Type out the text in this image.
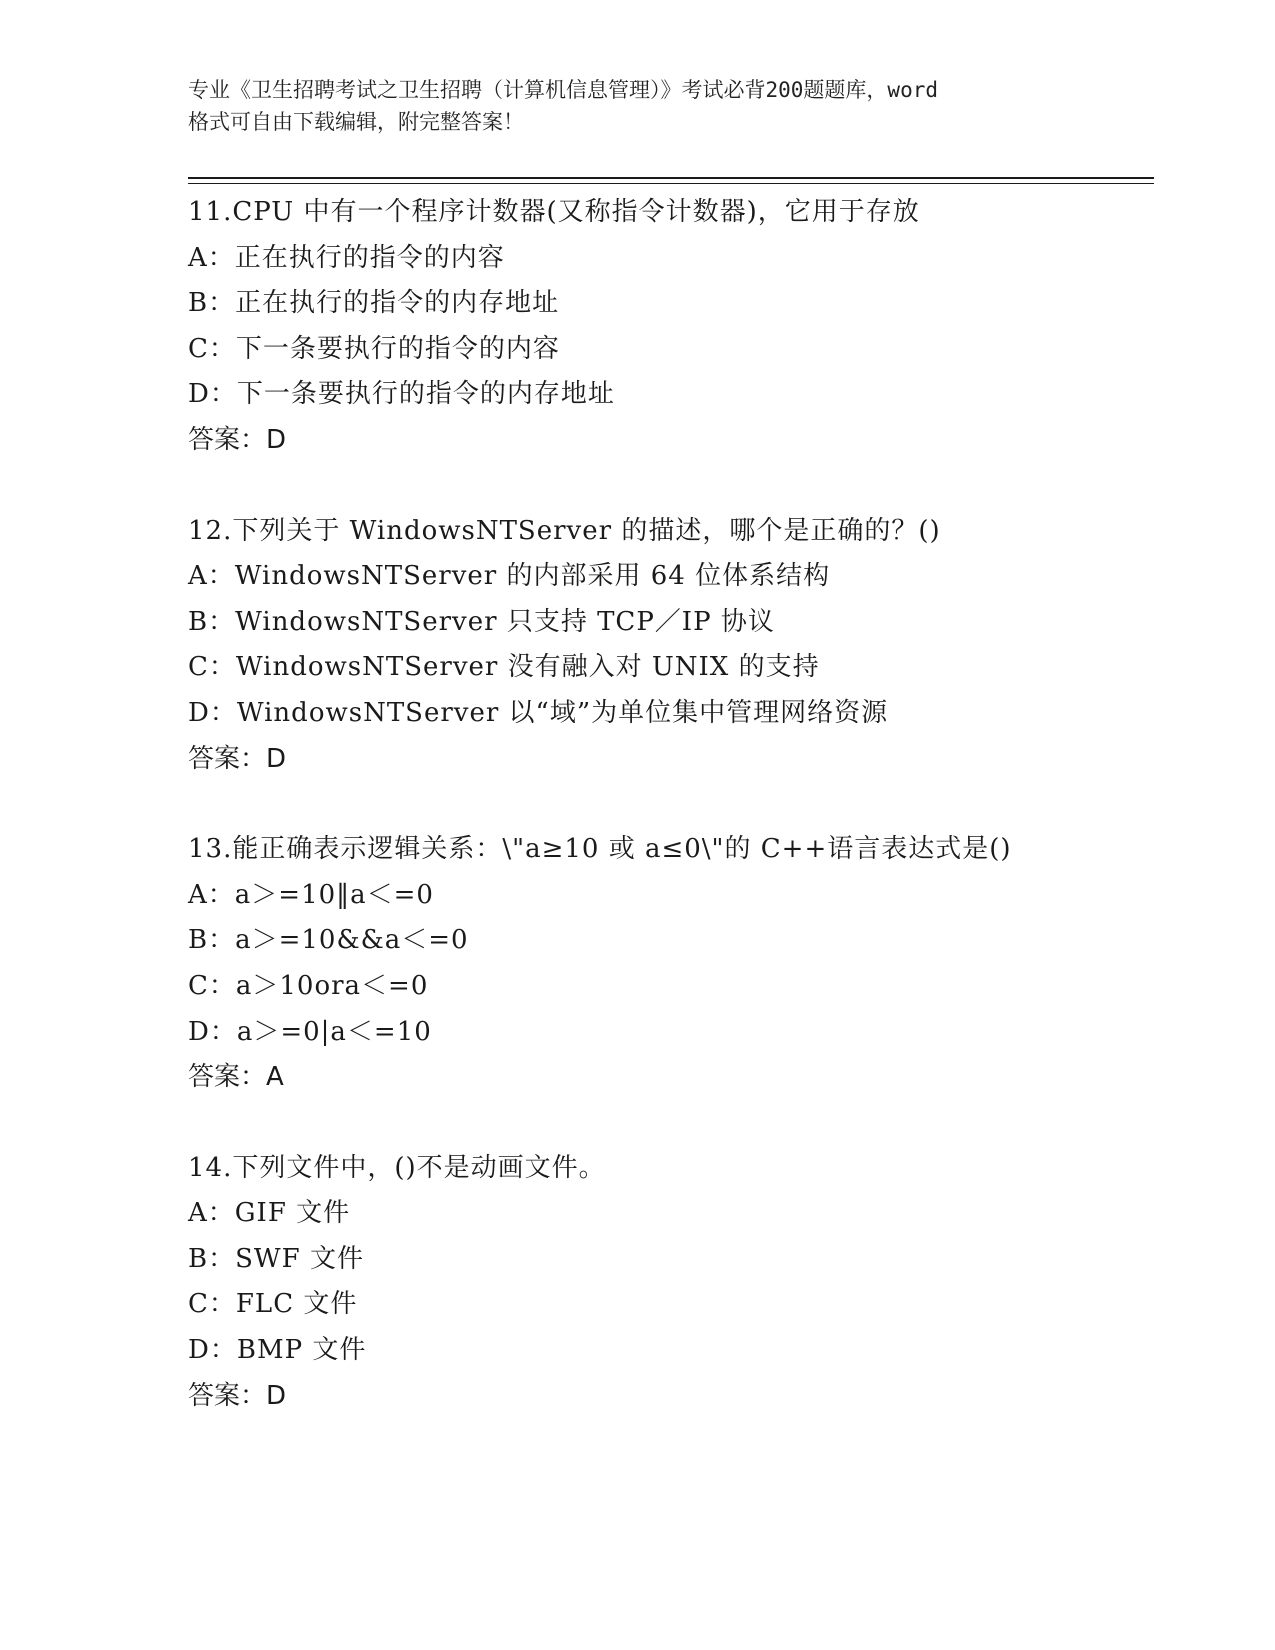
专业《卫生招聘考试之卫生招聘（计算机信息管理）》考试必背200题题库，word
格式可自由下载编辑，附完整答案！
11.CPU 中有一个程序计数器(又称指令计数器)，它用于存放
A：正在执行的指令的内容
B：正在执行的指令的内存地址
C：下一条要执行的指令的内容
D：下一条要执行的指令的内存地址
答案：D
12.下列关于 WindowsNTServer 的描述，哪个是正确的？()
A：WindowsNTServer 的内部采用 64 位体系结构
B：WindowsNTServer 只支持 TCP／IP 协议
C：WindowsNTServer 没有融入对 UNIX 的支持
D：WindowsNTServer 以“域”为单位集中管理网络资源
答案：D
13.能正确表示逻辑关系：\"a≥10 或 a≤0\"的 C++语言表达式是()
A：a＞=10‖a＜=0
B：a＞=10&&a＜=0
C：a＞10ora＜=0
D：a＞=0|a＜=10
答案：A
14.下列文件中，()不是动画文件。
A：GIF 文件
B：SWF 文件
C：FLC 文件
D：BMP 文件
答案：D
